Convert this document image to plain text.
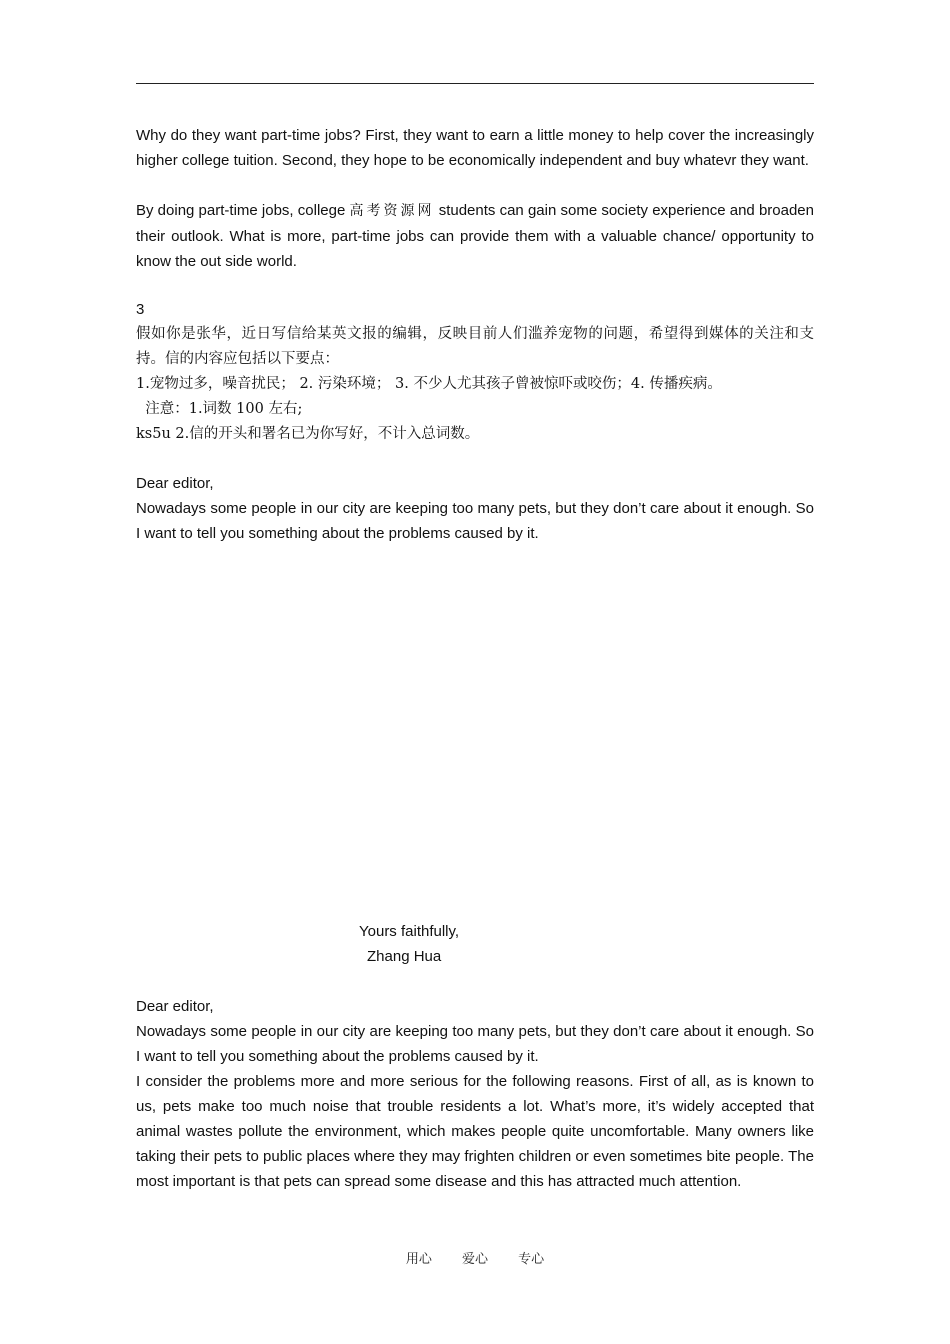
Why do they want part-time jobs? First, they want to earn a little money to help cover the increasingly higher college tuition. Second, they hope to be economically independent and buy whatevr they want.

By doing part-time jobs, college 高考资源网 students can gain some society experience and broaden their outlook. What is more, part-time jobs can provide them with a valuable chance/ opportunity to know the out side world.

3

假如你是张华，近日写信给某英文报的编辑，反映目前人们滥养宠物的问题，希望得到媒体的关注和支持。信的内容应包括以下要点：

1.宠物过多，噪音扰民； 2. 污染环境； 3. 不少人尤其孩子曾被惊吓或咬伤；4. 传播疾病。

注意：1.词数 100 左右;

ks5u 2.信的开头和署名已为你写好，不计入总词数。

Dear editor,

Nowadays some people in our city are keeping too many pets, but they don’t care about it enough. So I want to tell you something about the problems caused by it.

Yours faithfully,
Zhang Hua

Dear editor,

Nowadays some people in our city are keeping too many pets, but they don’t care about it enough. So I want to tell you something about the problems caused by it.

I consider the problems more and more serious for the following reasons. First of all, as is known to us, pets make too much noise that trouble residents a lot. What’s more, it’s widely accepted that animal wastes pollute the environment, which makes people quite uncomfortable. Many owners like taking their pets to public places where they may frighten children or even sometimes bite people. The most important is that pets can spread some disease and this has attracted much attention.

用心 爱心 专心
